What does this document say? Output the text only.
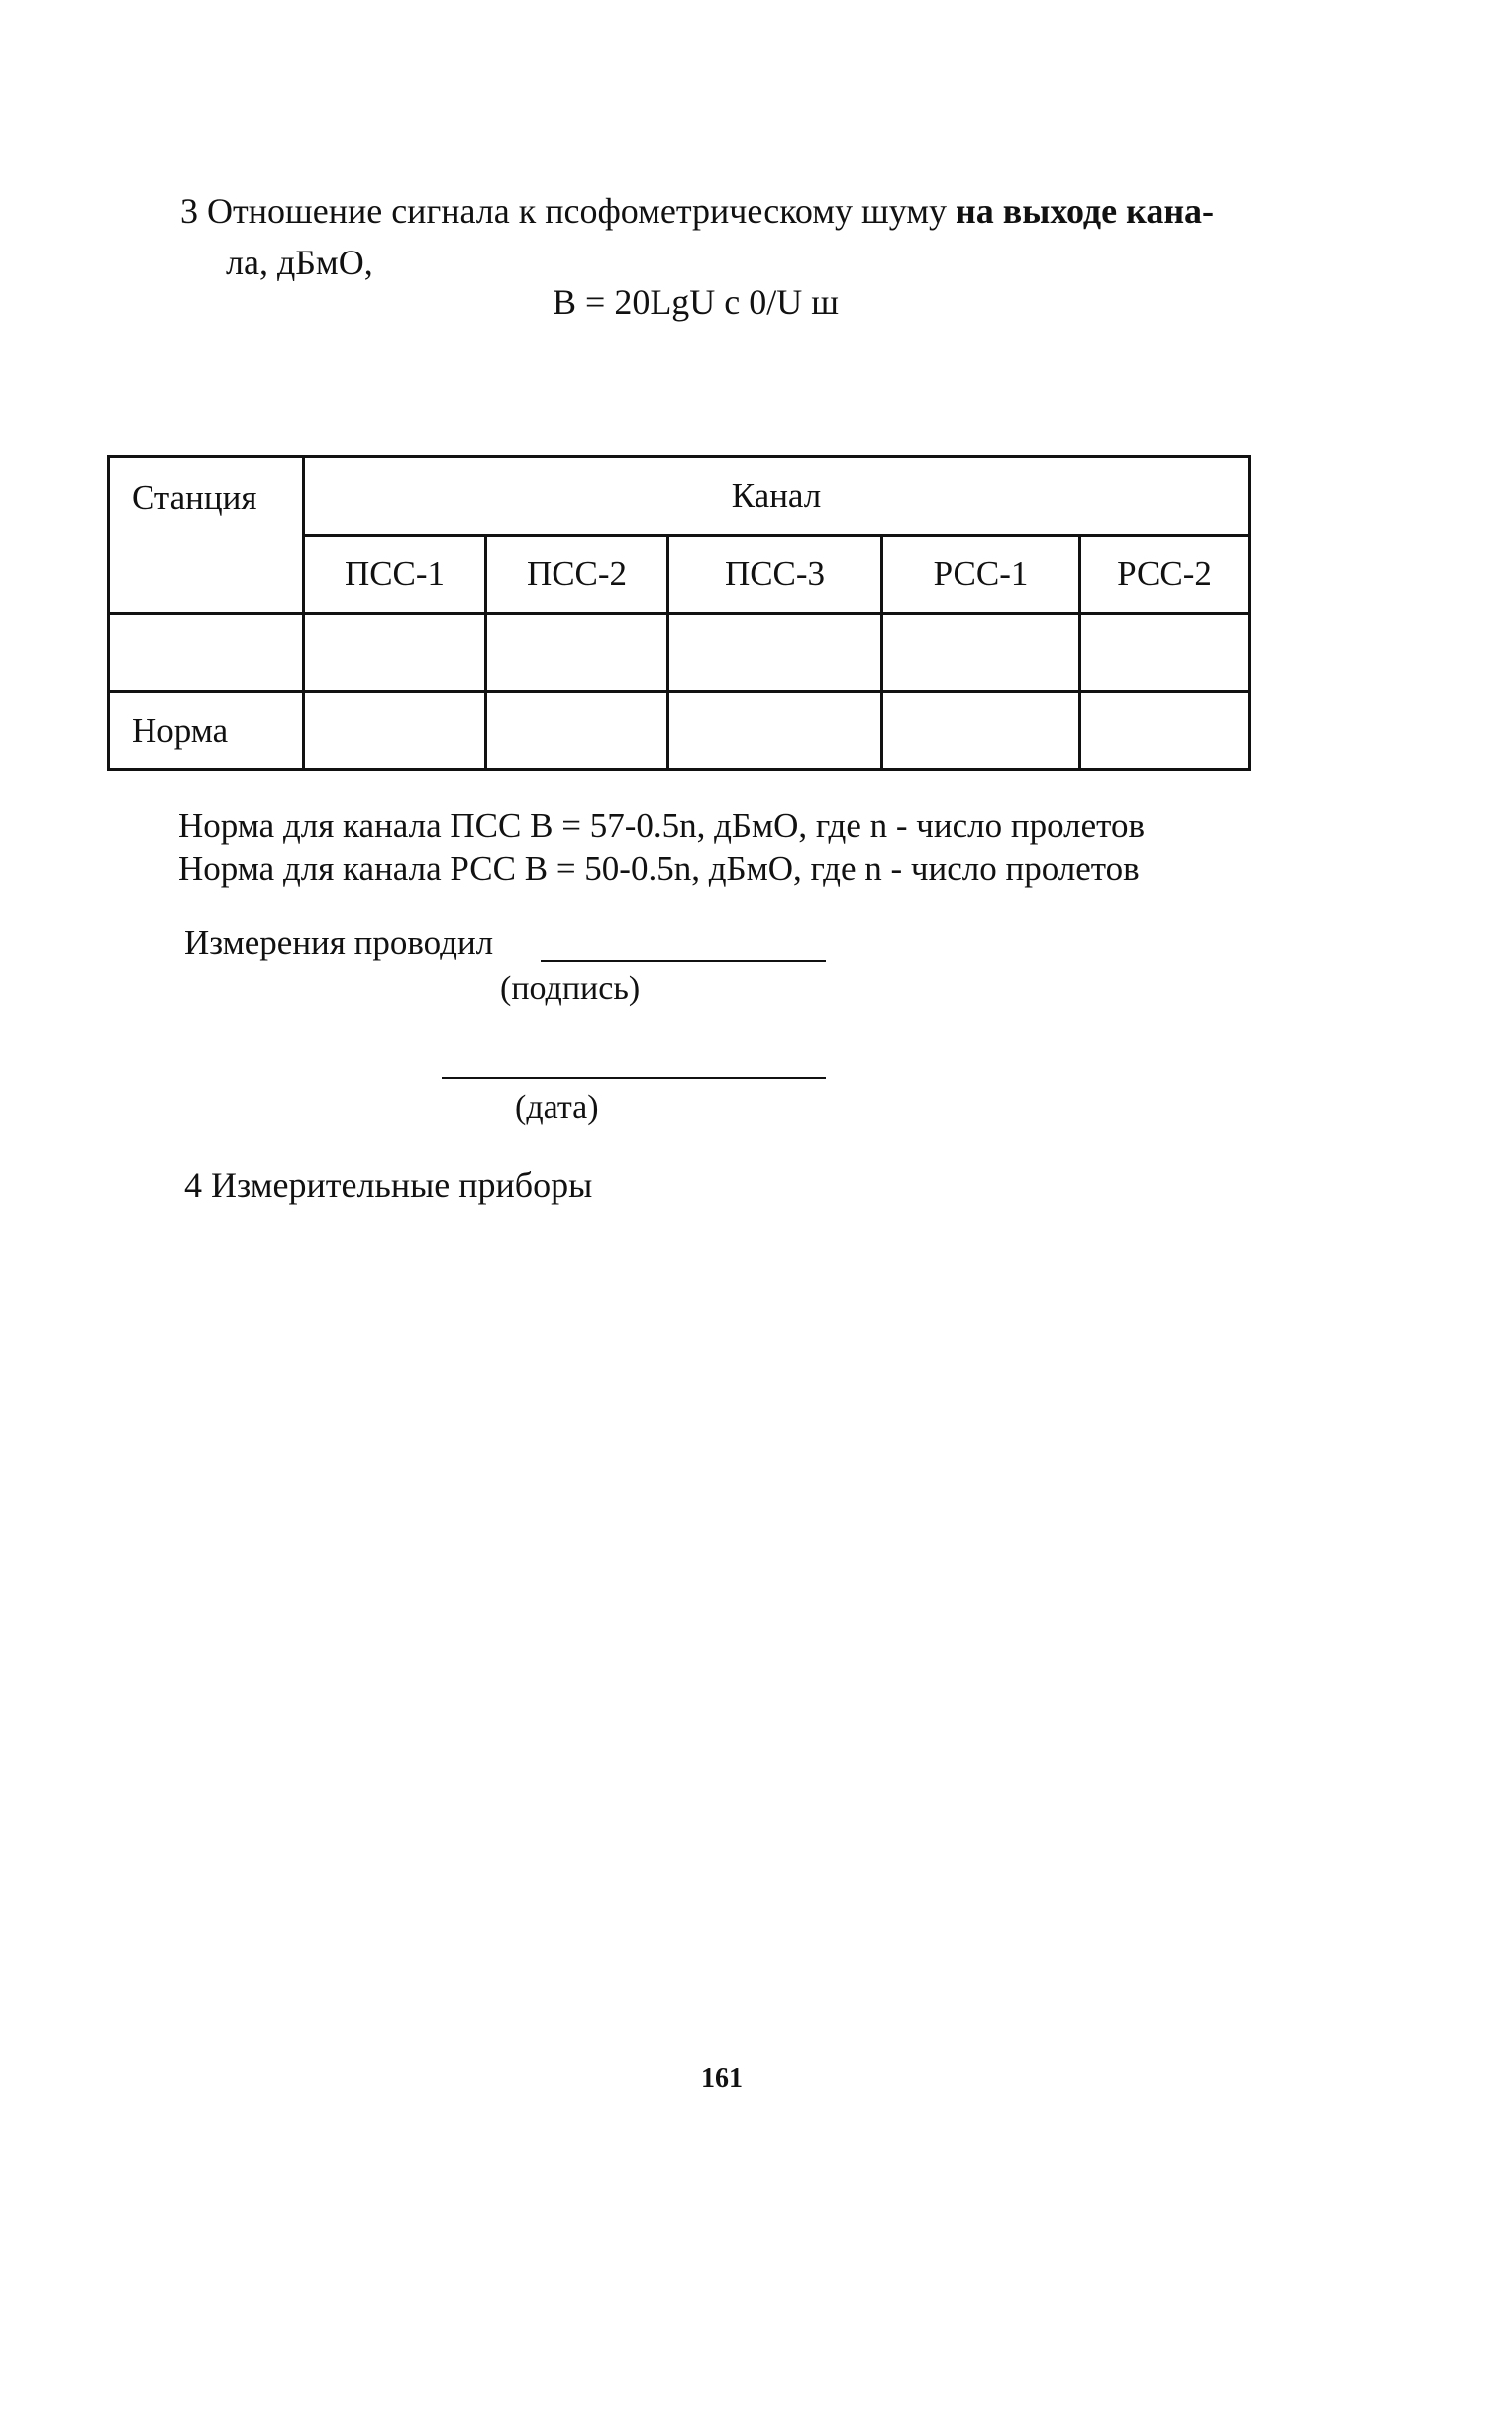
3 Отношение сигнала к псофометрическому шуму на выходе кана-
ла, дБмО,
B = 20LgU с 0/U ш
Станция	Канал				
	ПСС-1	ПСС-2	ПСС-3	РСС-1	РСС-2

Норма					
Норма для канала ПСС В = 57-0.5n, дБмО, где n - число пролетов
Норма для канала РСС В = 50-0.5n, дБмО, где n - число пролетов
Измерения проводил
(подпись)
(дата)
4 Измерительные приборы
161
